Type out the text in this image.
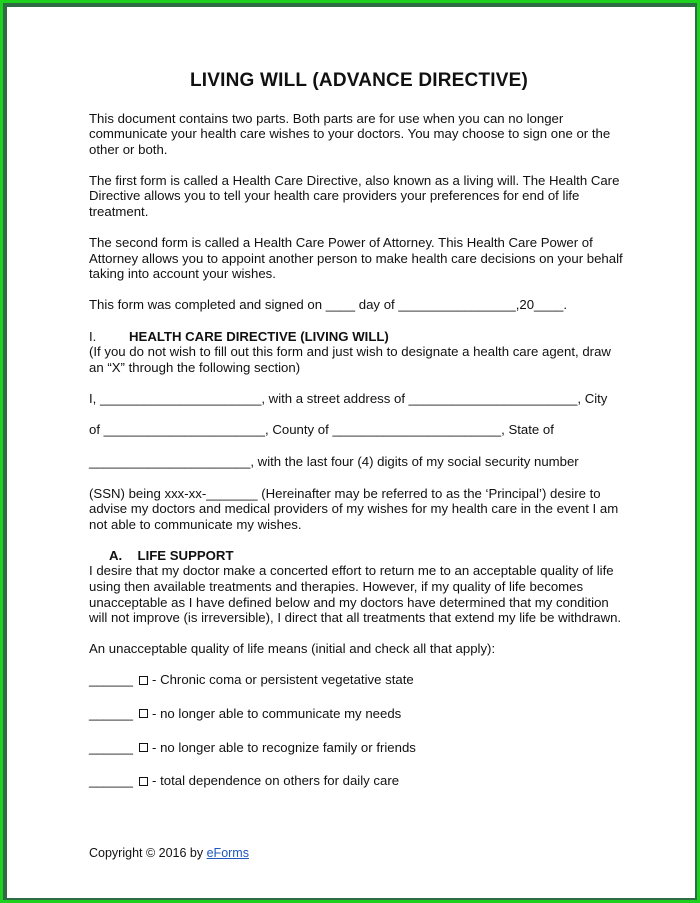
LIVING WILL (ADVANCE DIRECTIVE)

This document contains two parts. Both parts are for use when you can no longer communicate your health care wishes to your doctors. You may choose to sign one or the other or both.

The first form is called a Health Care Directive, also known as a living will. The Health Care Directive allows you to tell your health care providers your preferences for end of life treatment.

The second form is called a Health Care Power of Attorney. This Health Care Power of Attorney allows you to appoint another person to make health care decisions on your behalf taking into account your wishes.

This form was completed and signed on ____ day of ________________,20____.

I.	HEALTH CARE DIRECTIVE (LIVING WILL)

(If you do not wish to fill out this form and just wish to designate a health care agent, draw an “X” through the following section)

I, ______________________, with a street address of _______________________, City
of ______________________, County of _______________________, State of
______________________, with the last four (4) digits of my social security number

(SSN) being xxx-xx-_______ (Hereinafter may be referred to as the ‘Principal’) desire to advise my doctors and medical providers of my wishes for my health care in the event I am not able to communicate my wishes.

A. LIFE SUPPORT

I desire that my doctor make a concerted effort to return me to an acceptable quality of life using then available treatments and therapies. However, if my quality of life becomes unacceptable as I have defined below and my doctors have determined that my condition will not improve (is irreversible), I direct that all treatments that extend my life be withdrawn.

An unacceptable quality of life means (initial and check all that apply):

______ - Chronic coma or persistent vegetative state
______ - no longer able to communicate my needs
______ - no longer able to recognize family or friends
______ - total dependence on others for daily care
Copyright © 2016 by eForms
